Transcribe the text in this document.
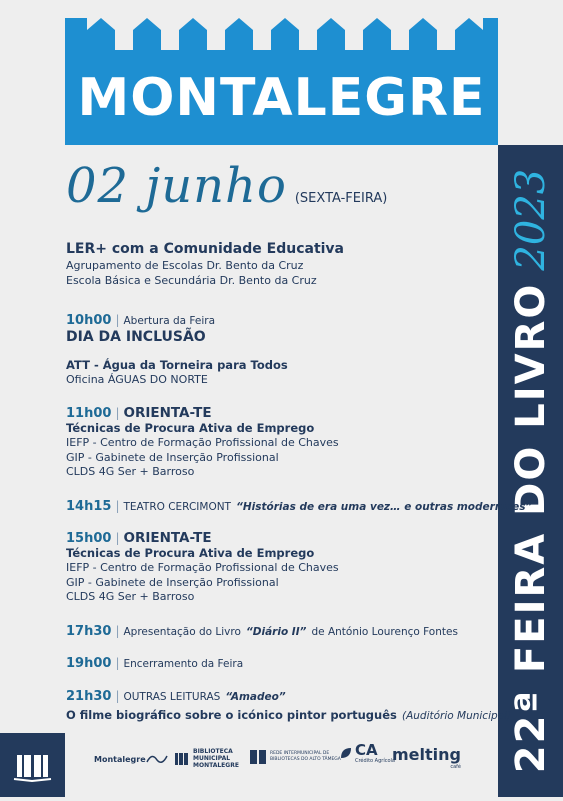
MONTALEGRE
22ª FEIRA DO LIVRO2023
02 junho (SEXTA-FEIRA)
LER+ com a Comunidade Educativa
Agrupamento de Escolas Dr. Bento da Cruz
Escola Básica e Secundária Dr. Bento da Cruz
10h00 | Abertura da Feira
DIA DA INCLUSÃO
ATT - Água da Torneira para Todos
Oficina ÁGUAS DO NORTE
11h00 | ORIENTA-TE
Técnicas de Procura Ativa de Emprego
IEFP - Centro de Formação Profissional de Chaves
GIP - Gabinete de Inserção Profissional
CLDS 4G Ser + Barroso
14h15 | TEATRO CERCIMONT “Histórias de era uma vez… e outras modernices”
15h00 | ORIENTA-TE
Técnicas de Procura Ativa de Emprego
IEFP - Centro de Formação Profissional de Chaves
GIP - Gabinete de Inserção Profissional
CLDS 4G Ser + Barroso
17h30 | Apresentação do Livro “Diário II” de António Lourenço Fontes
19h00 | Encerramento da Feira
21h30 | OUTRAS LEITURAS “Amadeo”
O filme biográfico sobre o icónico pintor português (Auditório Municipal)
Montalegre
BIBLIOTECA
MUNICIPAL
MONTALEGRE
REDE INTERMUNICIPAL DE
BIBLIOTECAS DO ALTO TÂMEGA
CA
Crédito Agrícola
melting
café
